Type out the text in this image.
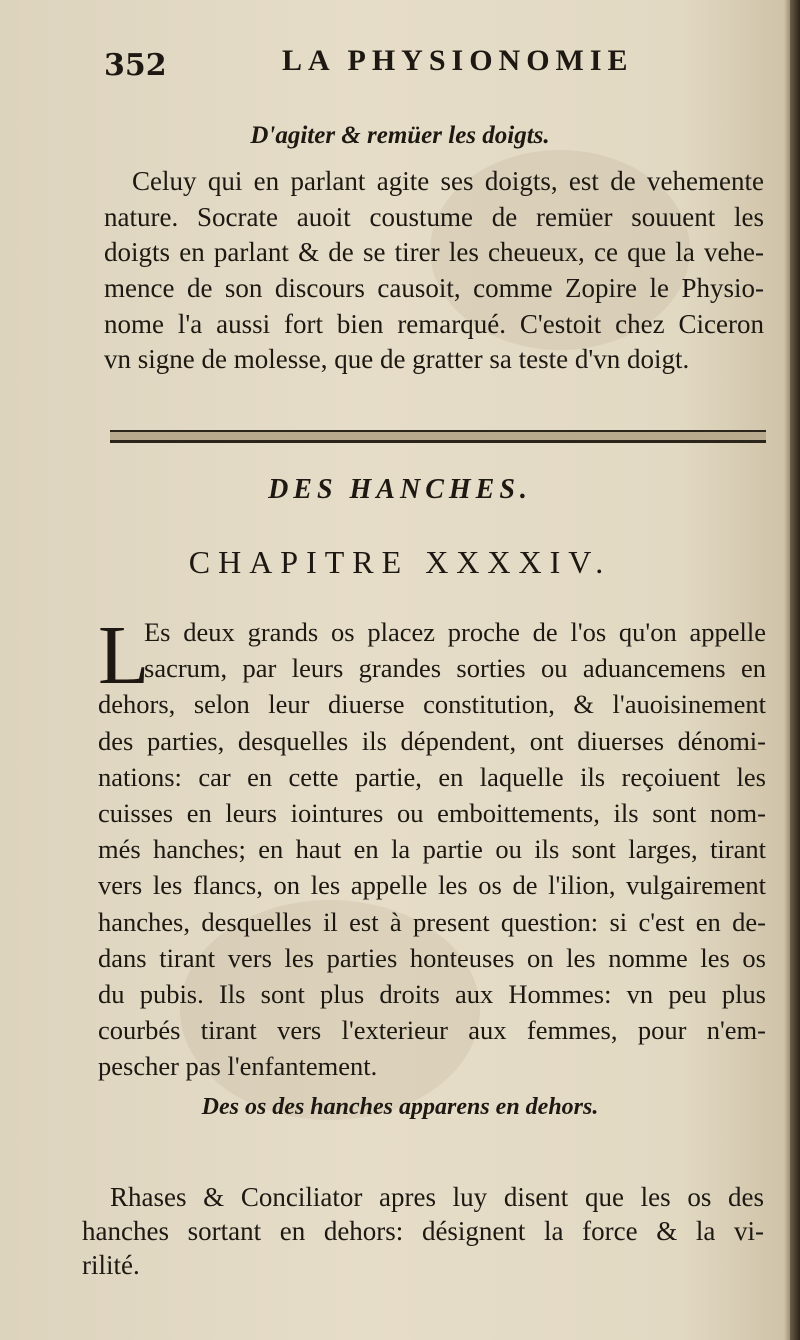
352	LA PHYSIONOMIE
D'agiter & remüer les doigts.
Celuy qui en parlant agite ses doigts, est de vehemente
nature. Socrate auoit coustume de remüer souuent les
doigts en parlant & de se tirer les cheueux, ce que la vehe-
mence de son discours causoit, comme Zopire le Physio-
nome l'a aussi fort bien remarqué. C'estoit chez Ciceron
vn signe de molesse, que de gratter sa teste d'vn doigt.
DES HANCHES.
CHAPITRE XXXXIV.
L
Es deux grands os placez proche de l'os qu'on appelle
sacrum, par leurs grandes sorties ou aduancemens en
dehors, selon leur diuerse constitution, & l'auoisinement
des parties, desquelles ils dépendent, ont diuerses dénomi-
nations: car en cette partie, en laquelle ils reçoiuent les
cuisses en leurs iointures ou emboittements, ils sont nom-
més hanches; en haut en la partie ou ils sont larges, tirant
vers les flancs, on les appelle les os de l'ilion, vulgairement
hanches, desquelles il est à present question: si c'est en de-
dans tirant vers les parties honteuses on les nomme les os
du pubis. Ils sont plus droits aux Hommes: vn peu plus
courbés tirant vers l'exterieur aux femmes, pour n'em-
pescher pas l'enfantement.
Des os des hanches apparens en dehors.
Rhases & Conciliator apres luy disent que les os des
hanches sortant en dehors: désignent la force & la vi-
rilité.
